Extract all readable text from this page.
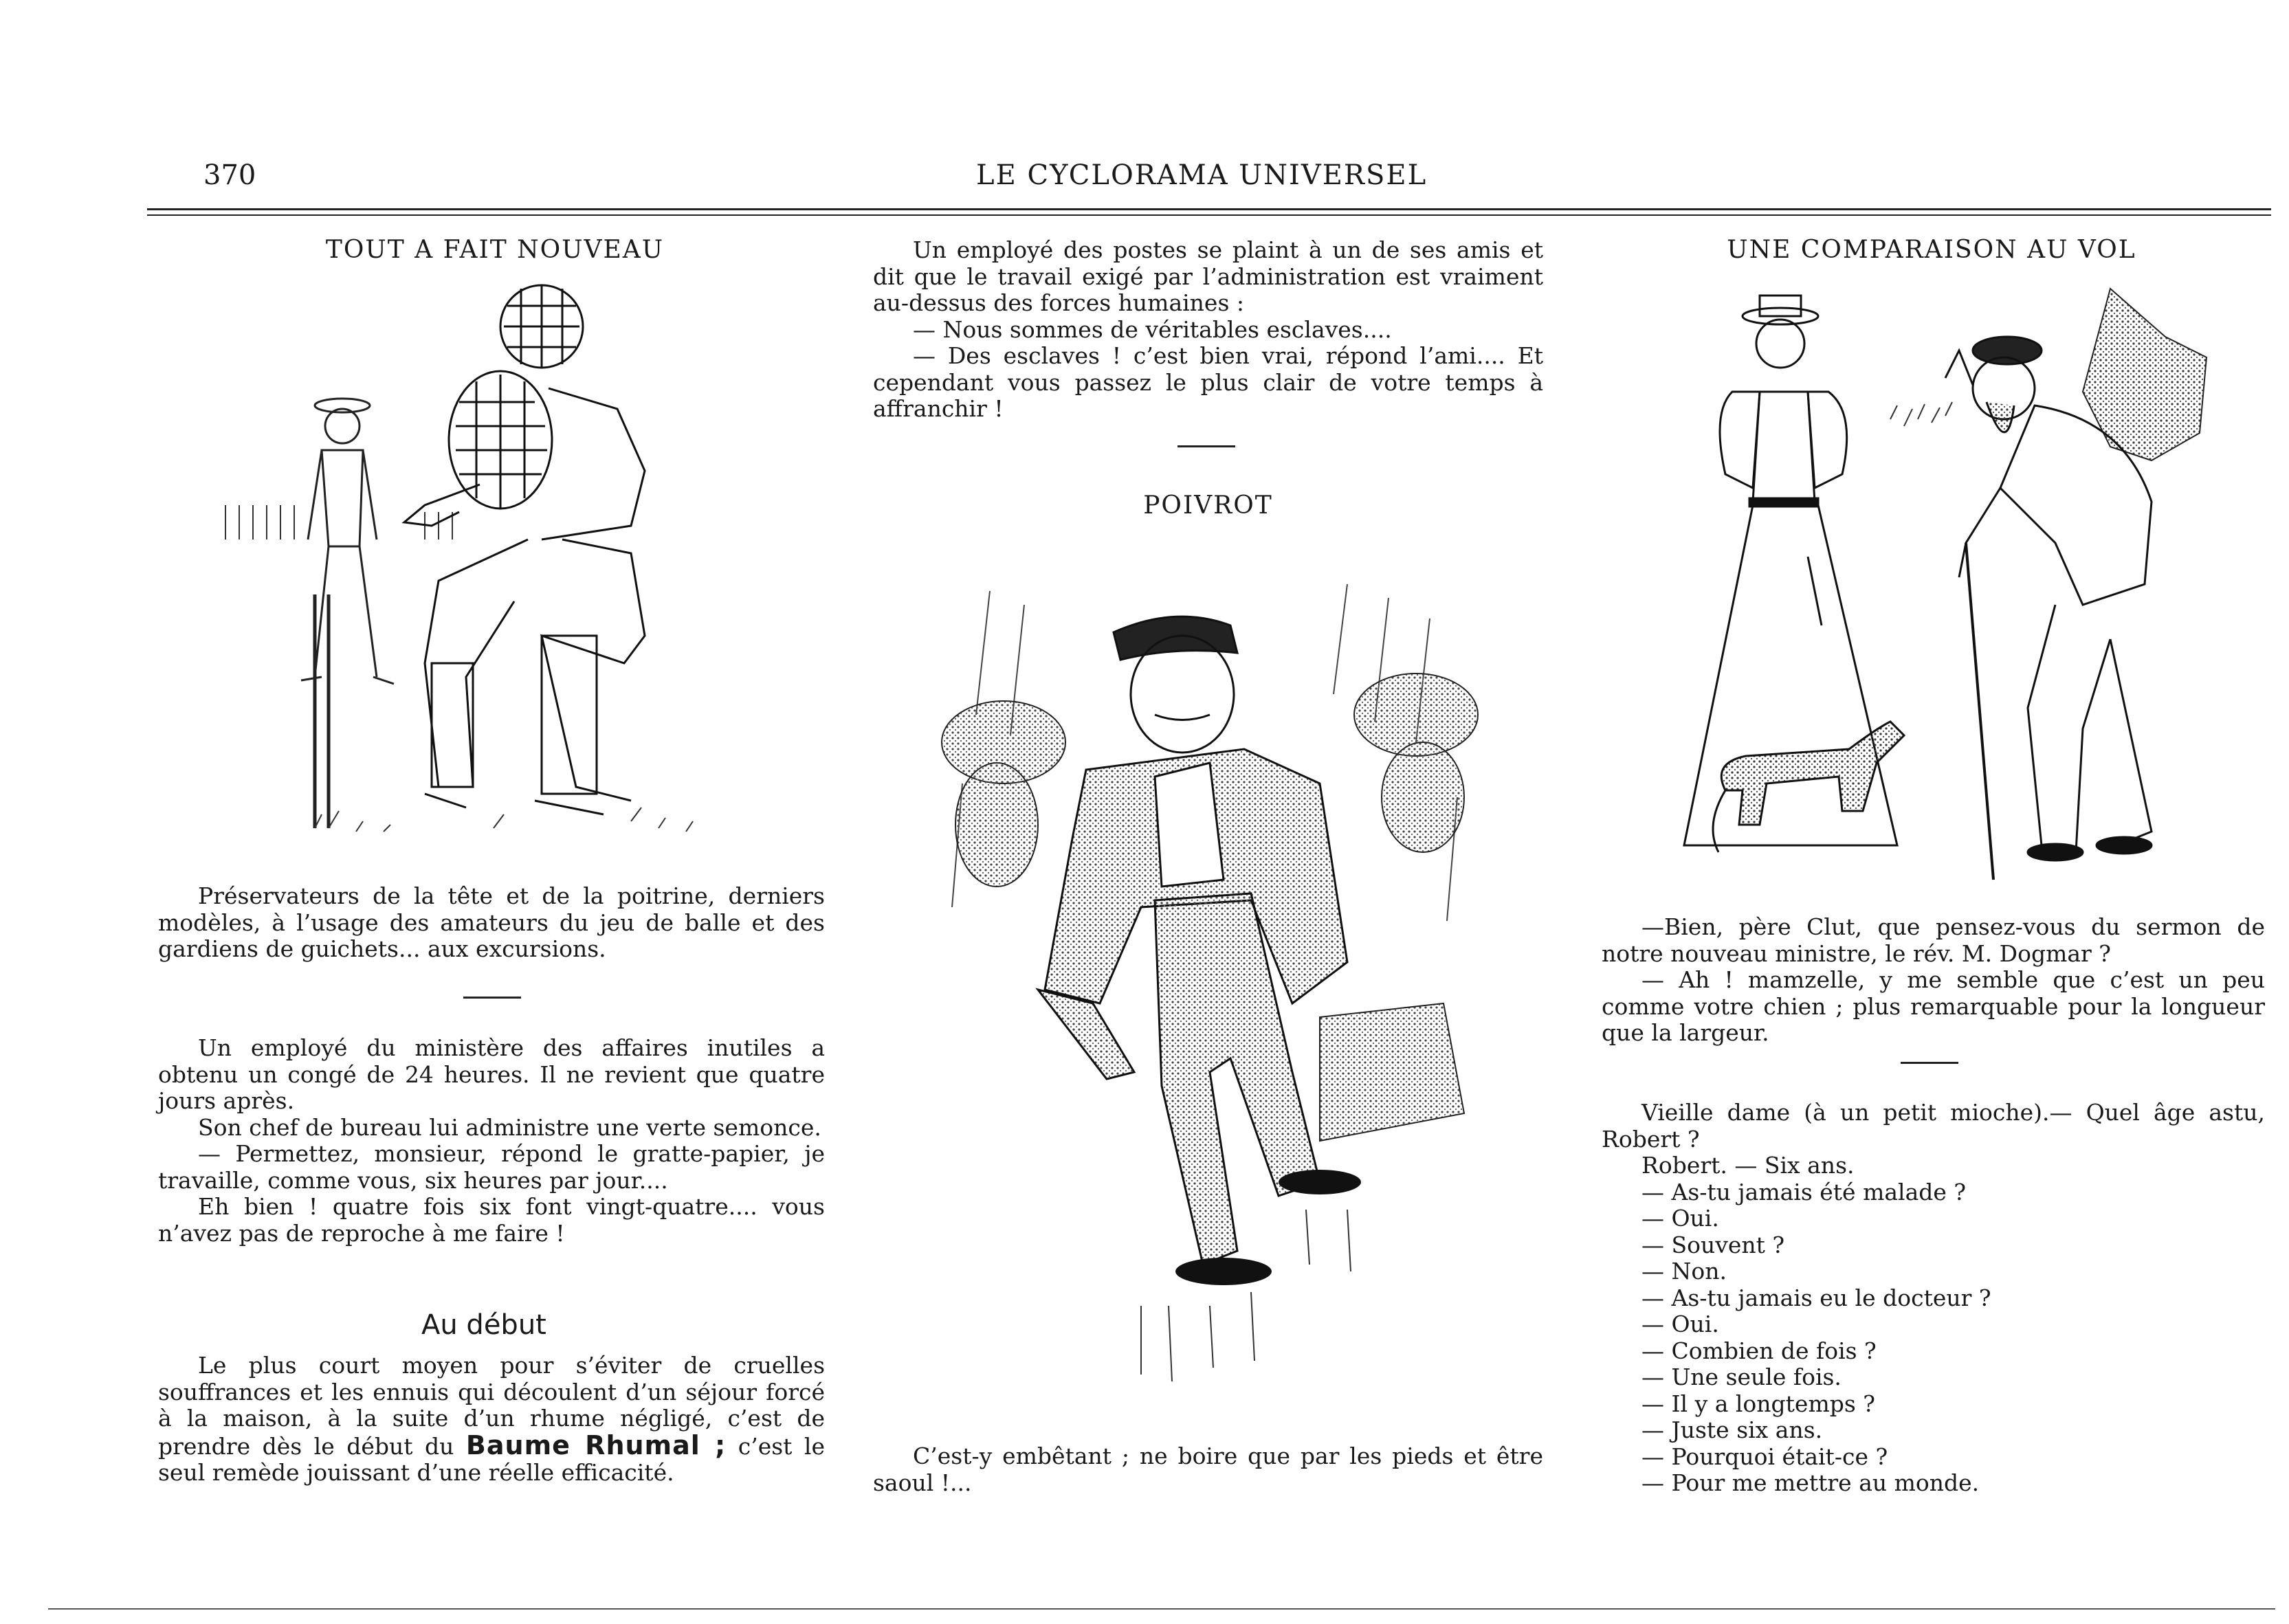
370	LE CYCLORAMA UNIVERSEL
TOUT A FAIT NOUVEAU

Préservateurs de la tête et de la poitrine, derniers modèles, à l’usage des amateurs du jeu de balle et des gardiens de guichets... aux excursions.

Un employé du ministère des affaires inutiles a obtenu un congé de 24 heures. Il ne revient que quatre jours après.

Son chef de bureau lui administre une verte semonce.

— Permettez, monsieur, répond le gratte-papier, je travaille, comme vous, six heures par jour....

Eh bien ! quatre fois six font vingt-quatre.... vous n’avez pas de reproche à me faire !

Au début

Le plus court moyen pour s’éviter de cruelles souffrances et les ennuis qui découlent d’un séjour forcé à la maison, à la suite d’un rhume négligé, c’est de prendre dès le début du Baume Rhumal ; c’est le seul remède jouissant d’une réelle efficacité.

Un employé des postes se plaint à un de ses amis et dit que le travail exigé par l’administration est vraiment au-dessus des forces humaines :

— Nous sommes de véritables esclaves....

— Des esclaves ! c’est bien vrai, répond l’ami.... Et cependant vous passez le plus clair de votre temps à affranchir !

POIVROT

C’est-y embêtant ; ne boire que par les pieds et être saoul !...

UNE COMPARAISON AU VOL

—Bien, père Clut, que pensez-vous du sermon de notre nouveau ministre, le rév. M. Dogmar ?

— Ah ! mamzelle, y me semble que c’est un peu comme votre chien ; plus remarquable pour la longueur que la largeur.

Vieille dame (à un petit mioche).— Quel âge astu, Robert ?

Robert. — Six ans.

— As-tu jamais été malade ?

— Oui.

— Souvent ?

— Non.

— As-tu jamais eu le docteur ?

— Oui.

— Combien de fois ?

— Une seule fois.

— Il y a longtemps ?

— Juste six ans.

— Pourquoi était-ce ?

— Pour me mettre au monde.
